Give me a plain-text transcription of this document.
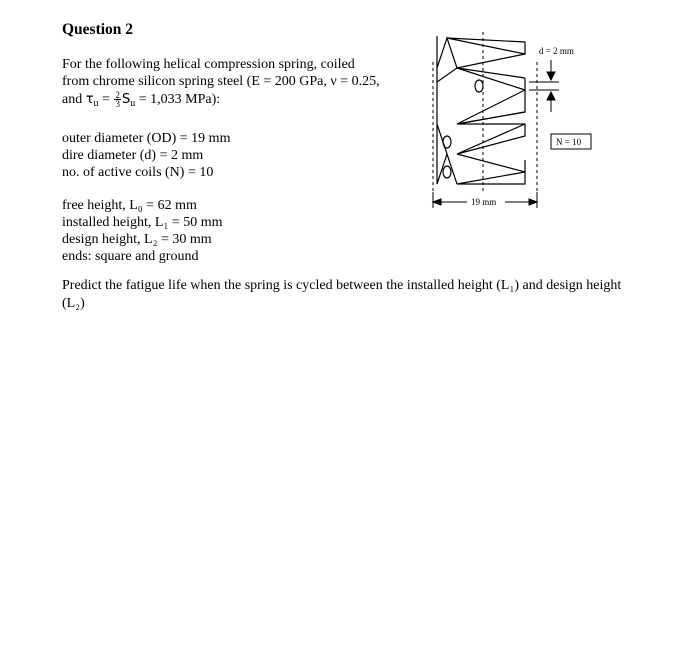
Question 2
For the following helical compression spring, coiled
from chrome silicon spring steel (E = 200 GPa, ν = 0.25,
and $\tau_u = \frac{2}{3} S_u = 1,033$ MPa):
outer diameter (OD) = 19 mm
dire diameter (d) = 2 mm
no. of active coils (N) = 10
free height, L₀ = 62 mm
installed height, L₁ = 50 mm
design height, L₂ = 30 mm
ends: square and ground
d = 2 mm
N = 10
19 mm
Predict the fatigue life when the spring is cycled between the installed height (L₁) and design height (L₂)
